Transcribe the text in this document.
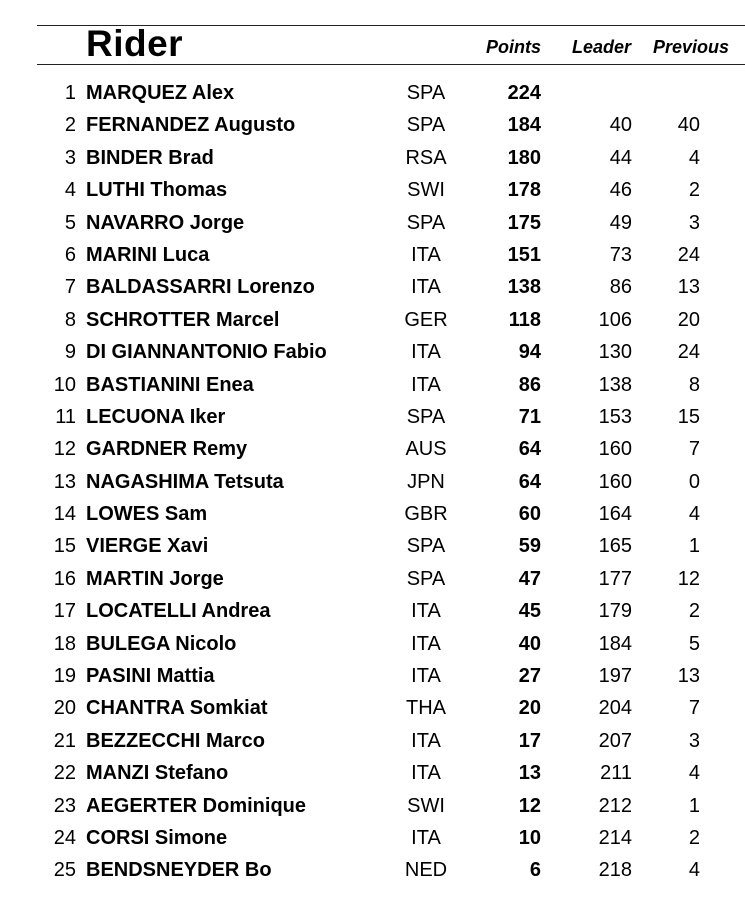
Rider	Points Leader Previous
1 MARQUEZ Alex	SPA	224
2 FERNANDEZ Augusto	SPA	184	40	40
3 BINDER Brad	RSA	180	44	4
4 LUTHI Thomas	SWI	178	46	2
5 NAVARRO Jorge	SPA	175	49	3
6 MARINI Luca	ITA	151	73	24
7 BALDASSARRI Lorenzo	ITA	138	86	13
8 SCHROTTER Marcel	GER	118	106	20
9 DI GIANNANTONIO Fabio	ITA	94	130	24
10 BASTIANINI Enea	ITA	86	138	8
11 LECUONA Iker	SPA	71	153	15
12 GARDNER Remy	AUS	64	160	7
13 NAGASHIMA Tetsuta	JPN	64	160	0
14 LOWES Sam	GBR	60	164	4
15 VIERGE Xavi	SPA	59	165	1
16 MARTIN Jorge	SPA	47	177	12
17 LOCATELLI Andrea	ITA	45	179	2
18 BULEGA Nicolo	ITA	40	184	5
19 PASINI Mattia	ITA	27	197	13
20 CHANTRA Somkiat	THA	20	204	7
21 BEZZECCHI Marco	ITA	17	207	3
22 MANZI Stefano	ITA	13	211	4
23 AEGERTER Dominique	SWI	12	212	1
24 CORSI Simone	ITA	10	214	2
25 BENDSNEYDER Bo	NED	6	218	4
